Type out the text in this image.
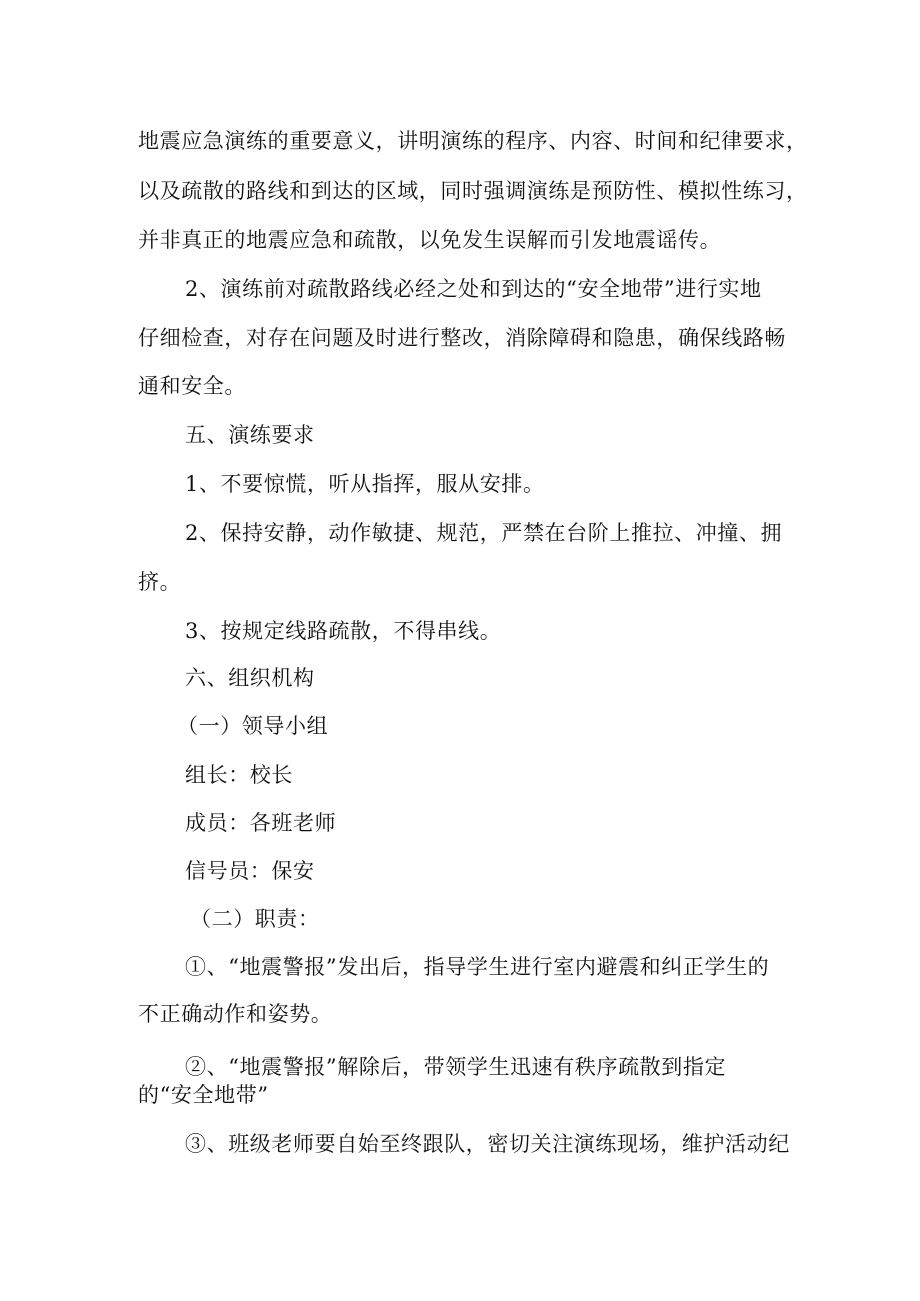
地震应急演练的重要意义，讲明演练的程序、内容、时间和纪律要求，
以及疏散的路线和到达的区域，同时强调演练是预防性、模拟性练习，
并非真正的地震应急和疏散，以免发生误解而引发地震谣传。
2、演练前对疏散路线必经之处和到达的“安全地带”进行实地
仔细检查，对存在问题及时进行整改，消除障碍和隐患，确保线路畅
通和安全。
五、演练要求
1、不要惊慌，听从指挥，服从安排。
2、保持安静，动作敏捷、规范，严禁在台阶上推拉、冲撞、拥
挤。
3、按规定线路疏散，不得串线。
六、组织机构
（一）领导小组
组长：校长
成员：各班老师
信号员：保安
（二）职责：
①、“地震警报”发出后，指导学生进行室内避震和纠正学生的
不正确动作和姿势。
②、“地震警报”解除后，带领学生迅速有秩序疏散到指定
的“安全地带”
③、班级老师要自始至终跟队，密切关注演练现场，维护活动纪
